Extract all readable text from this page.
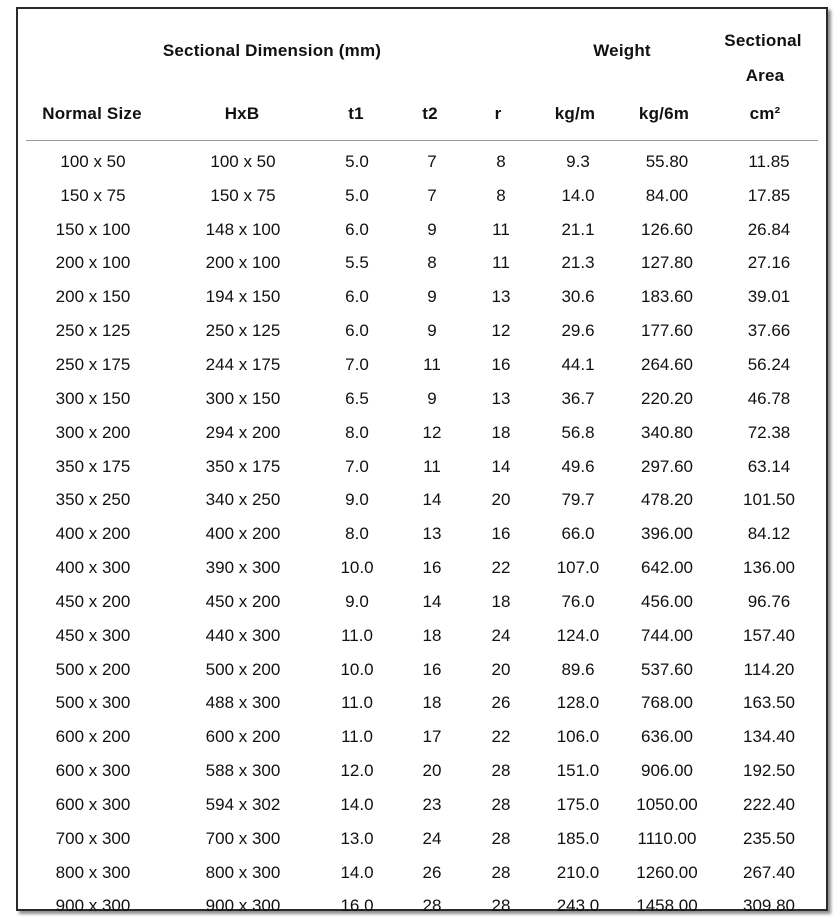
Sectional Dimension (mm)	Weight
Sectional
Area
Normal Size	HxB	t1	t2	r	kg/m	kg/6m	cm²
100 x 50	100 x 50	5.0	7	8	9.3	55.80	11.85
150 x 75	150 x 75	5.0	7	8	14.0	84.00	17.85
150 x 100	148 x 100	6.0	9	11	21.1	126.60	26.84
200 x 100	200 x 100	5.5	8	11	21.3	127.80	27.16
200 x 150	194 x 150	6.0	9	13	30.6	183.60	39.01
250 x 125	250 x 125	6.0	9	12	29.6	177.60	37.66
250 x 175	244 x 175	7.0	11	16	44.1	264.60	56.24
300 x 150	300 x 150	6.5	9	13	36.7	220.20	46.78
300 x 200	294 x 200	8.0	12	18	56.8	340.80	72.38
350 x 175	350 x 175	7.0	11	14	49.6	297.60	63.14
350 x 250	340 x 250	9.0	14	20	79.7	478.20	101.50
400 x 200	400 x 200	8.0	13	16	66.0	396.00	84.12
400 x 300	390 x 300	10.0	16	22	107.0	642.00	136.00
450 x 200	450 x 200	9.0	14	18	76.0	456.00	96.76
450 x 300	440 x 300	11.0	18	24	124.0	744.00	157.40
500 x 200	500 x 200	10.0	16	20	89.6	537.60	114.20
500 x 300	488 x 300	11.0	18	26	128.0	768.00	163.50
600 x 200	600 x 200	11.0	17	22	106.0	636.00	134.40
600 x 300	588 x 300	12.0	20	28	151.0	906.00	192.50
600 x 300	594 x 302	14.0	23	28	175.0	1050.00	222.40
700 x 300	700 x 300	13.0	24	28	185.0	1110.00	235.50
800 x 300	800 x 300	14.0	26	28	210.0	1260.00	267.40
900 x 300	900 x 300	16.0	28	28	243.0	1458.00	309.80
